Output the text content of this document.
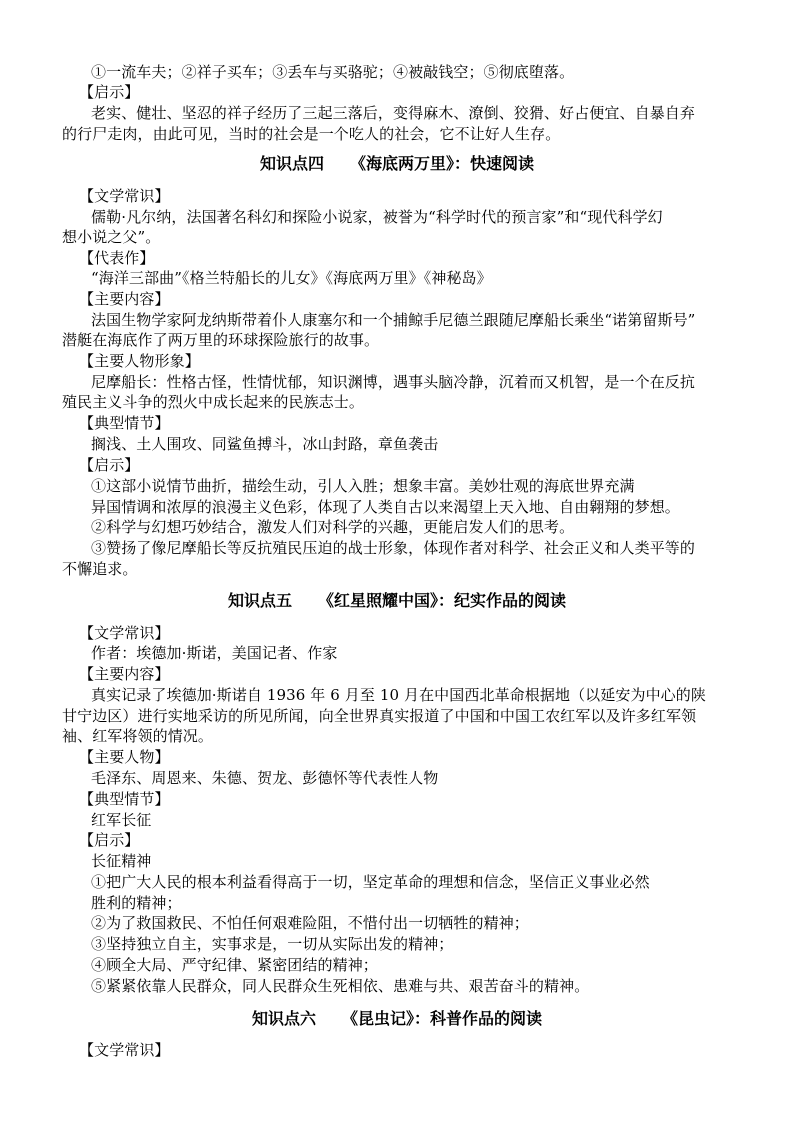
①一流车夫；②祥子买车；③丢车与买骆驼；④被敲钱空；⑤彻底堕落。
【启示】
老实、健壮、坚忍的祥子经历了三起三落后，变得麻木、潦倒、狡猾、好占便宜、自暴自弃
的行尸走肉，由此可见，当时的社会是一个吃人的社会，它不让好人生存。
知识点四 《海底两万里》：快速阅读
【文学常识】
儒勒·凡尔纳，法国著名科幻和探险小说家，被誉为“科学时代的预言家”和“现代科学幻
想小说之父”。
【代表作】
“海洋三部曲”《格兰特船长的儿女》《海底两万里》《神秘岛》
【主要内容】
法国生物学家阿龙纳斯带着仆人康塞尔和一个捕鲸手尼德兰跟随尼摩船长乘坐“诺第留斯号”
潜艇在海底作了两万里的环球探险旅行的故事。
【主要人物形象】
尼摩船长：性格古怪，性情忧郁，知识渊博，遇事头脑冷静，沉着而又机智，是一个在反抗
殖民主义斗争的烈火中成长起来的民族志士。
【典型情节】
搁浅、土人围攻、同鲨鱼搏斗，冰山封路，章鱼袭击
【启示】
①这部小说情节曲折，描绘生动，引人入胜；想象丰富。美妙壮观的海底世界充满
异国情调和浓厚的浪漫主义色彩，体现了人类自古以来渴望上天入地、自由翱翔的梦想。
②科学与幻想巧妙结合，激发人们对科学的兴趣，更能启发人们的思考。
③赞扬了像尼摩船长等反抗殖民压迫的战士形象，体现作者对科学、社会正义和人类平等的
不懈追求。
知识点五 《红星照耀中国》：纪实作品的阅读
【文学常识】
作者：埃德加·斯诺，美国记者、作家
【主要内容】
真实记录了埃德加·斯诺自 1936 年 6 月至 10 月在中国西北革命根据地（以延安为中心的陕
甘宁边区）进行实地采访的所见所闻，向全世界真实报道了中国和中国工农红军以及许多红军领
袖、红军将领的情况。
【主要人物】
毛泽东、周恩来、朱德、贺龙、彭德怀等代表性人物
【典型情节】
红军长征
【启示】
长征精神
①把广大人民的根本利益看得高于一切，坚定革命的理想和信念，坚信正义事业必然
胜利的精神；
②为了救国救民、不怕任何艰难险阻，不惜付出一切牺牲的精神；
③坚持独立自主，实事求是，一切从实际出发的精神；
④顾全大局、严守纪律、紧密团结的精神；
⑤紧紧依靠人民群众，同人民群众生死相依、患难与共、艰苦奋斗的精神。
知识点六 《昆虫记》：科普作品的阅读
【文学常识】
